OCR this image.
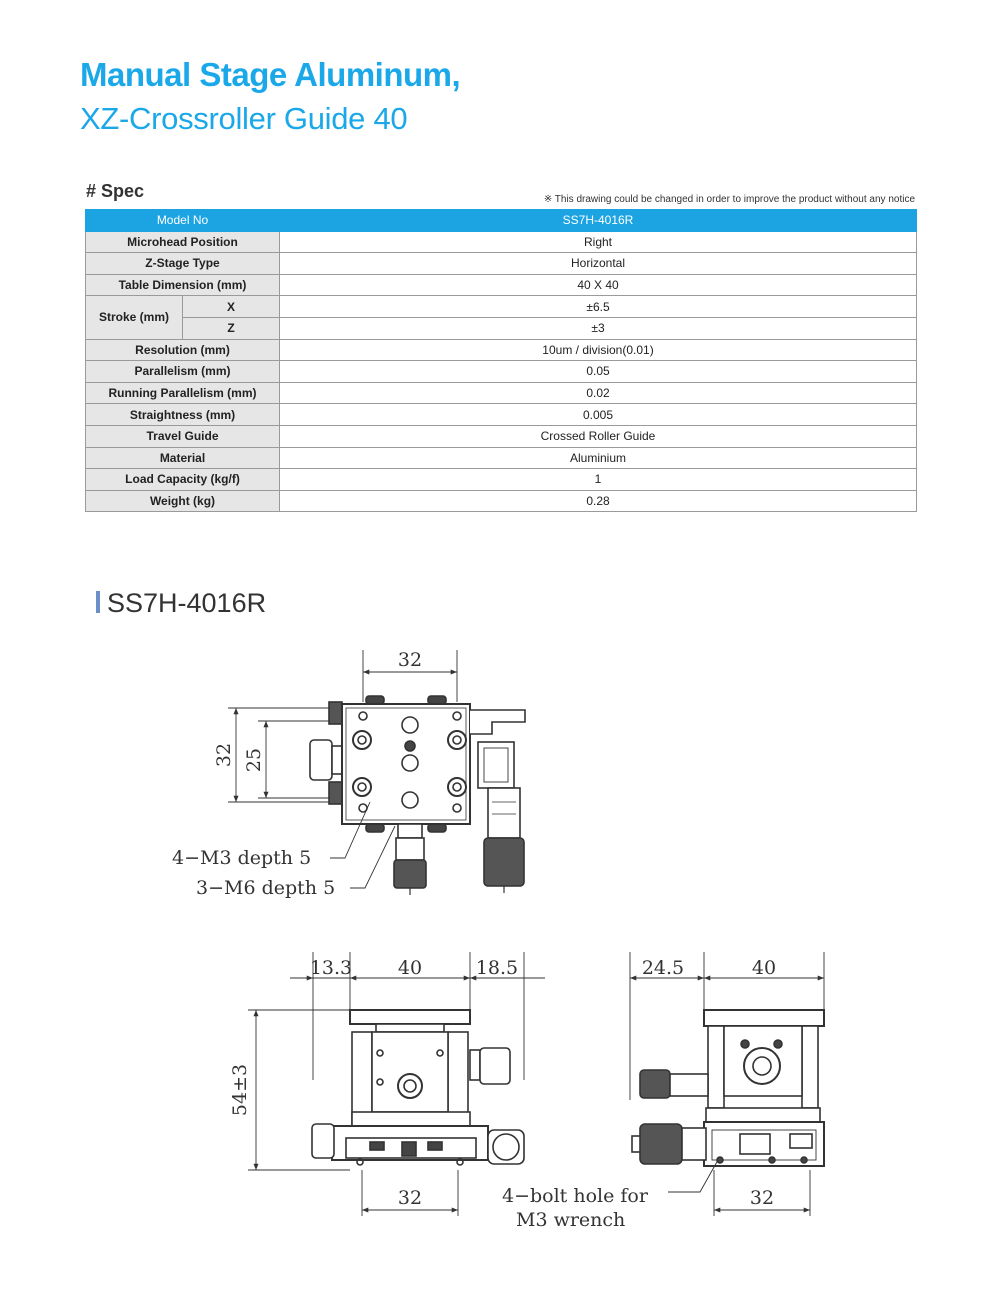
Manual Stage Aluminum,
XZ-Crossroller Guide 40
# Spec	※ This drawing could be changed in order to improve the product without any notice
Model No		SS7H-4016R
Microhead Position		Right
Z-Stage Type		Horizontal
Table Dimension (mm)		40 X 40
Stroke (mm)	X	±6.5
	Z	±3
Resolution (mm)		10um / division(0.01)
Parallelism (mm)		0.05
Running Parallelism (mm)		0.02
Straightness (mm)		0.005
Travel Guide		Crossed Roller Guide
Material		Aluminium
Load Capacity (kg/f)		1
Weight (kg)		0.28
SS7H-4016R
32
32 25
4−M3 depth 5
3−M6 depth 5
13.3 40	18.5
54±3
32
24.5	40
32
4−bolt hole for
M3 wrench
